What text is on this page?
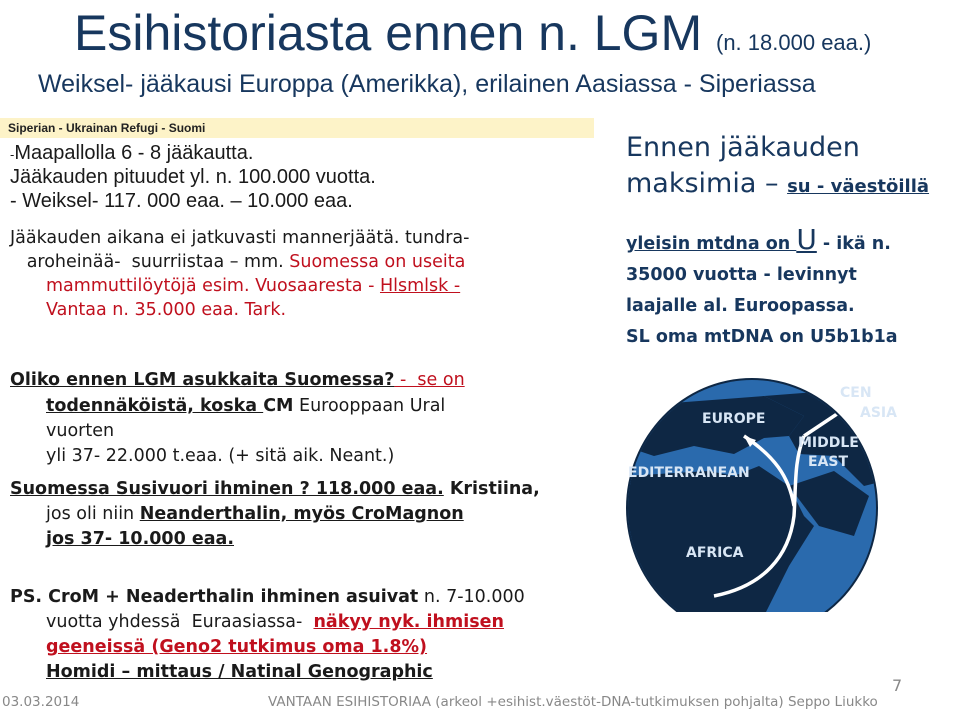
Esihistoriasta ennen n. LGM (n. 18.000 eaa.)
Weiksel- jääkausi Europpa (Amerikka), erilainen Aasiassa - Siperiassa
Siperian - Ukrainan Refugi - Suomi
-Maapallolla 6 - 8 jääkautta.
Jääkauden pituudet yl. n. 100.000 vuotta.
- Weiksel- 117. 000 eaa. – 10.000 eaa.
Jääkauden aikana ei jatkuvasti mannerjäätä. tundra-
aroheinää-  suurriistaa – mm. Suomessa on useita
mammuttilöytöjä esim. Vuosaaresta - Hlsmlsk -
Vantaa n. 35.000 eaa. Tark.
Oliko ennen LGM asukkaita Suomessa? -  se on
todennäköistä, koska CM Eurooppaan Ural
vuorten
yli 37- 22.000 t.eaa. (+ sitä aik. Neant.)
Suomessa Susivuori ihminen ? 118.000 eaa. Kristiina,
jos oli niin Neanderthalin, myös CroMagnon
jos 37- 10.000 eaa.
PS. CroM + Neaderthalin ihminen asuivat n. 7-10.000
vuotta yhdessä  Euraasiassa-  näkyy nyk. ihmisen
geeneissä (Geno2 tutkimus oma 1.8%)
Homidi – mittaus / Natinal Genographic
Ennen jääkauden
maksimia – su - väestöillä
yleisin mtdna on U - ikä n.
35000 vuotta - levinnyt
laajalle al. Euroopassa.
SL oma mtDNA on U5b1b1a
EUROPE
CEN
ASIA
MIDDLE
EAST
EDITERRANEAN
AFRICA
03.03.2014	VANTAAN ESIHISTORIAA (arkeol +esihist.väestöt-DNA-tutkimuksen pohjalta) Seppo Liukko
7
